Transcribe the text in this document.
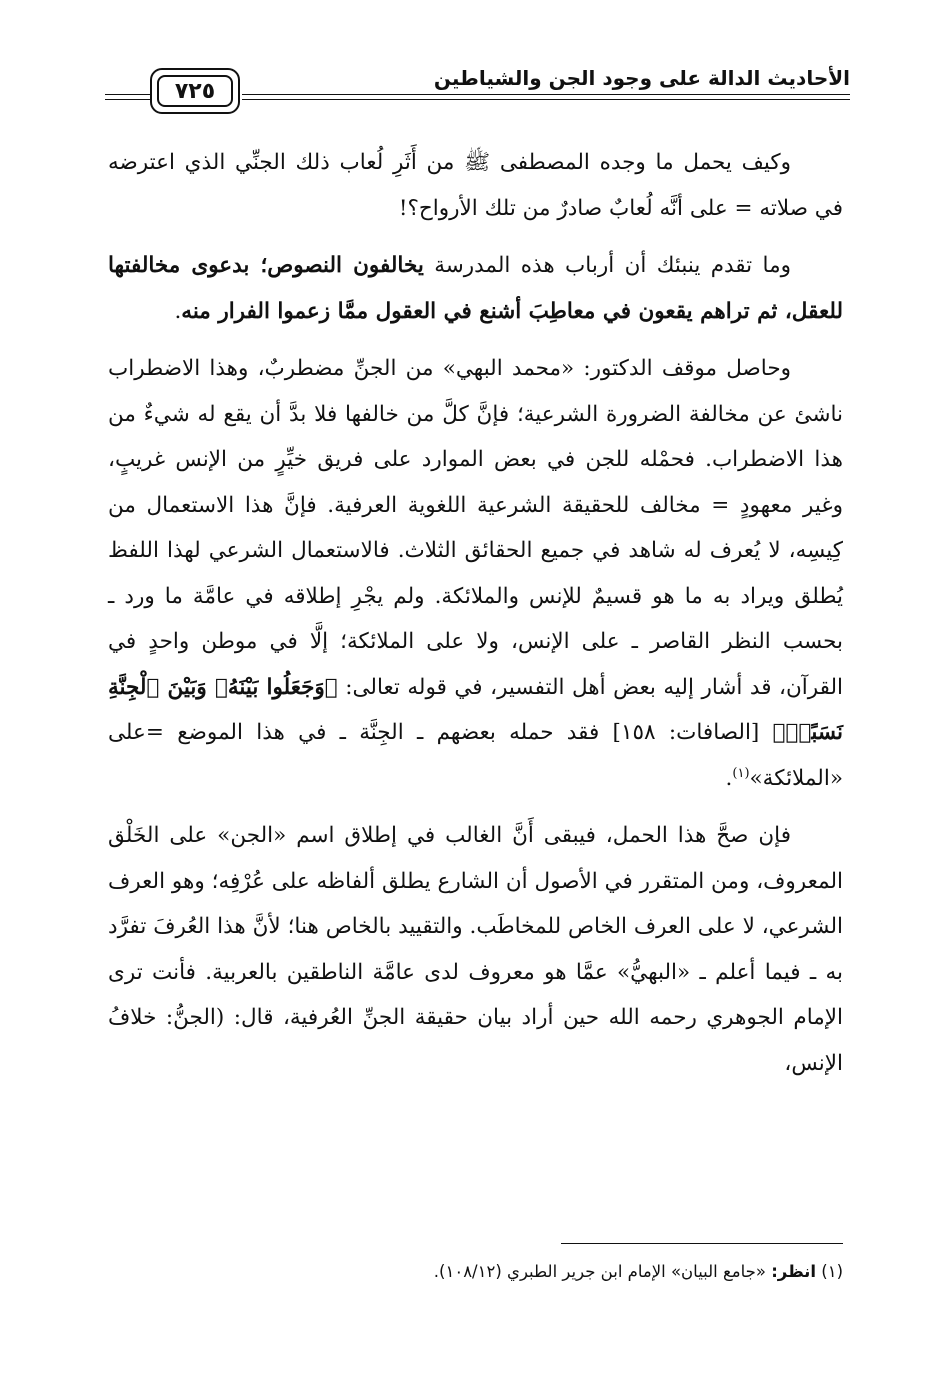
الأحاديث الدالة على وجود الجن والشياطين
٧٢٥

وكيف يحمل ما وجده المصطفى ﷺ من أَثَرِ لُعاب ذلك الجنِّي الذي اعترضه في صلاته = على أنَّه لُعابٌ صادرٌ من تلك الأرواح؟!

وما تقدم ينبئك أن أرباب هذه المدرسة يخالفون النصوص؛ بدعوى مخالفتها للعقل، ثم تراهم يقعون في معاطِبَ أشنع في العقول ممَّا زعموا الفرار منه.

وحاصل موقف الدكتور: «محمد البهي» من الجنِّ مضطربٌ، وهذا الاضطراب ناشئ عن مخالفة الضرورة الشرعية؛ فإنَّ كلَّ من خالفها فلا بدَّ أن يقع له شيءٌ من هذا الاضطراب. فحمْله للجن في بعض الموارد على فريق خيِّرٍ من الإنس غريبٍ، وغير معهودٍ = مخالف للحقيقة الشرعية اللغوية العرفية. فإنَّ هذا الاستعمال من كِيسِه، لا يُعرف له شاهد في جميع الحقائق الثلاث. فالاستعمال الشرعي لهذا اللفظ يُطلق ويراد به ما هو قسيمٌ للإنس والملائكة. ولم يجْرِ إطلاقه في عامَّة ما ورد ـ بحسب النظر القاصر ـ على الإنس، ولا على الملائكة؛ إلَّا في موطن واحدٍ في القرآن، قد أشار إليه بعض أهل التفسير، في قوله تعالى: ﴿وَجَعَلُوا بَيْنَهُۥ وَبَيْنَ ٱلْجِنَّةِ نَسَبًاۚ﴾ [الصافات: ١٥٨] فقد حمله بعضهم ـ الجِنَّة ـ في هذا الموضع =على «الملائكة»$^{(١)}$.

فإن صحَّ هذا الحمل، فيبقى أَنَّ الغالب في إطلاق اسم «الجن» على الخَلْق المعروف، ومن المتقرر في الأصول أن الشارع يطلق ألفاظه على عُرْفِه؛ وهو العرف الشرعي، لا على العرف الخاص للمخاطَب. والتقييد بالخاص هنا؛ لأنَّ هذا العُرفَ تفرَّد به ـ فيما أعلم ـ «البهيُّ» عمَّا هو معروف لدى عامَّة الناطقين بالعربية. فأنت ترى الإمام الجوهري رحمه الله حين أراد بيان حقيقة الجنِّ العُرفية، قال: (الجنُّ: خلافُ الإنس،

(١) انظر: «جامع البيان» الإمام ابن جرير الطبري (١٠٨/١٢).
